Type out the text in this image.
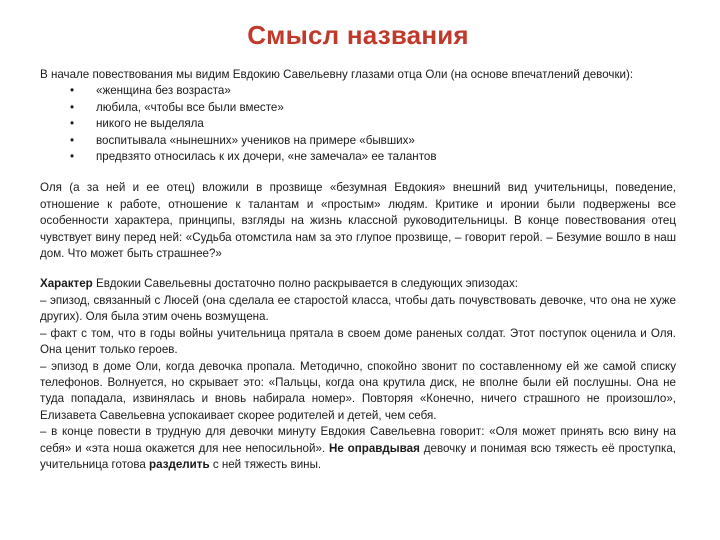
Смысл названия

В начале повествования мы видим Евдокию Савельевну глазами отца Оли (на основе впечатлений девочки):

• «женщина без возраста»
• любила, «чтобы все были вместе»
• никого не выделяла
• воспитывала «нынешних» учеников на примере «бывших»
• предвзято относилась к их дочери, «не замечала» ее талантов

Оля (а за ней и ее отец) вложили в прозвище «безумная Евдокия» внешний вид учительницы, поведение, отношение к работе, отношение к талантам и «простым» людям. Критике и иронии были подвержены все особенности характера, принципы, взгляды на жизнь классной руководительницы. В конце повествования отец чувствует вину перед ней: «Судьба отомстила нам за это глупое прозвище, – говорит герой. – Безумие вошло в наш дом. Что может быть страшнее?»

Характер Евдокии Савельевны достаточно полно раскрывается в следующих эпизодах:

– эпизод, связанный с Люсей (она сделала ее старостой класса, чтобы дать почувствовать девочке, что она не хуже других). Оля была этим очень возмущена.

– факт с том, что в годы войны учительница прятала в своем доме раненых солдат. Этот поступок оценила и Оля. Она ценит только героев.

– эпизод в доме Оли, когда девочка пропала. Методично, спокойно звонит по составленному ей же самой списку телефонов. Волнуется, но скрывает это: «Пальцы, когда она крутила диск, не вполне были ей послушны. Она не туда попадала, извинялась и вновь набирала номер». Повторяя «Конечно, ничего страшного не произошло», Елизавета Савельевна успокаивает скорее родителей и детей, чем себя.

– в конце повести в трудную для девочки минуту Евдокия Савельевна говорит: «Оля может принять всю вину на себя» и «эта ноша окажется для нее непосильной». Не оправдывая девочку и понимая всю тяжесть её проступка, учительница готова разделить с ней тяжесть вины.
